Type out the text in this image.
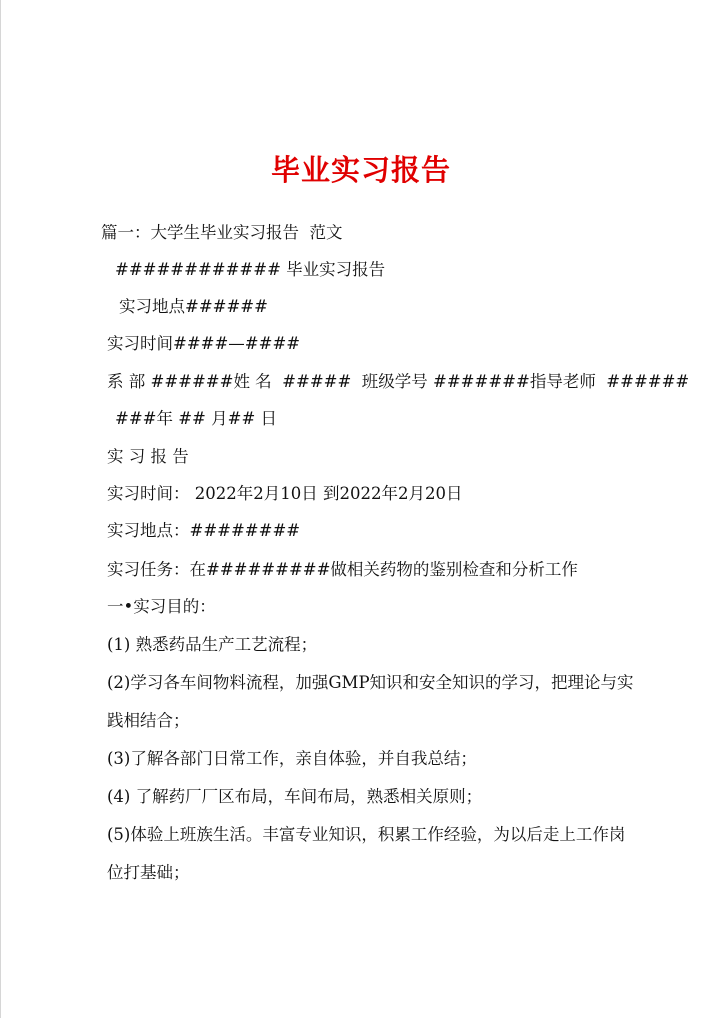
毕业实习报告
篇一：大学生毕业实习报告  范文
############ 毕业实习报告
实习地点######
实习时间####—####
系 部 ######姓 名  #####  班级学号 #######指导老师  ######
###年 ## 月## 日
实 习 报 告
实习时间： 2022年2月10日 到2022年2月20日
实习地点：########
实习任务：在#########做相关药物的鉴别检查和分析工作
一•实习目的：
(1) 熟悉药品生产工艺流程；
(2)学习各车间物料流程，加强GMP知识和安全知识的学习，把理论与实
践相结合；
(3)了解各部门日常工作，亲自体验，并自我总结；
(4) 了解药厂厂区布局，车间布局，熟悉相关原则；
(5)体验上班族生活。丰富专业知识，积累工作经验，为以后走上工作岗
位打基础；
